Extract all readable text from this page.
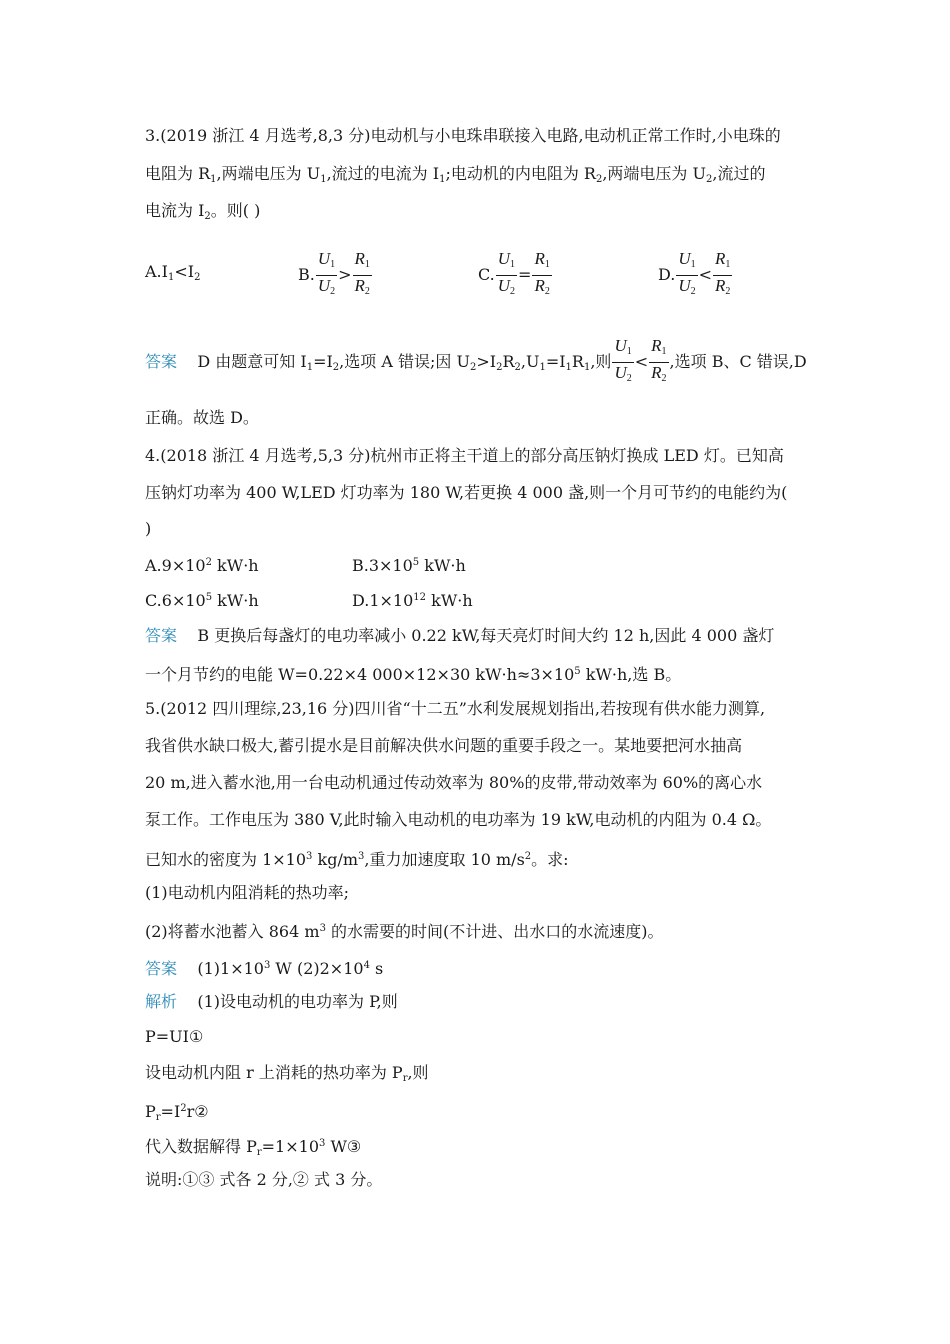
3.(2019 浙江 4 月选考,8,3 分)电动机与小电珠串联接入电路,电动机正常工作时,小电珠的
电阻为 $R_1$,两端电压为 $U_1$,流过的电流为 $I_1$;电动机的内电阻为 $R_2$,两端电压为 $U_2$,流过的
电流为 $I_2$。则( )
$A.I_1<I_2$	B. $\frac{U_1}{U_2} > \frac{R_1}{R_2}$	C. $\frac{U_1}{U_2} = \frac{R_1}{R_2}$	D. $\frac{U_1}{U_2} < \frac{R_1}{R_2}$
答案 D 由题意可知 $I_1=I_2$,选项 A 错误;因 $U_2>I_2R_2,U_1=I_1R_1$,则 $\frac{U_1}{U_2} < \frac{R_1}{R_2}$ ,选项 B、C 错误,D
正确。故选 D。
4.(2018 浙江 4 月选考,5,3 分)杭州市正将主干道上的部分高压钠灯换成 LED 灯。已知高
压钠灯功率为 400 W,LED 灯功率为 180 W,若更换 4 000 盏,则一个月可节约的电能约为(
)
$A.9\times 10^2$ kW·h	$B.3\times 10^5$ kW·h
$C.6\times 10^5$ kW·h	$D.1\times 10^{12}$ kW·h
答案 B 更换后每盏灯的电功率减小 0.22 kW,每天亮灯时间大约 12 h,因此 4 000 盏灯
一个月节约的电能 W=0.22×4 000×12×30 $kW\cdot h\approx 3\times 10^5$ kW·h,选 B。
5.(2012 四川理综,23,16 分)四川省“十二五”水利发展规划指出,若按现有供水能力测算,
我省供水缺口极大,蓄引提水是目前解决供水问题的重要手段之一。某地要把河水抽高
20 m,进入蓄水池,用一台电动机通过传动效率为 80%的皮带,带动效率为 60%的离心水
泵工作。工作电压为 380 V,此时输入电动机的电功率为 19 kW,电动机的内阻为 0.4 Ω。
已知水的密度为 $1\times 10^3$ $kg/m^3$,重力加速度取 10 $m/s^2$。求:
(1)电动机内阻消耗的热功率;
(2)将蓄水池蓄入 864 $m^3$ 的水需要的时间(不计进、出水口的水流速度)。
答案 $(1)1\times 10^3$ W $(2)2\times 10^4$ s
解析 (1)设电动机的电功率为 P,则
P=UI①
设电动机内阻 r 上消耗的热功率为 $P_r$,则
$P_r=I^2r②$
代入数据解得 $P_r=1\times 10^3$ W③
说明:①③ 式各 2 分,② 式 3 分。
